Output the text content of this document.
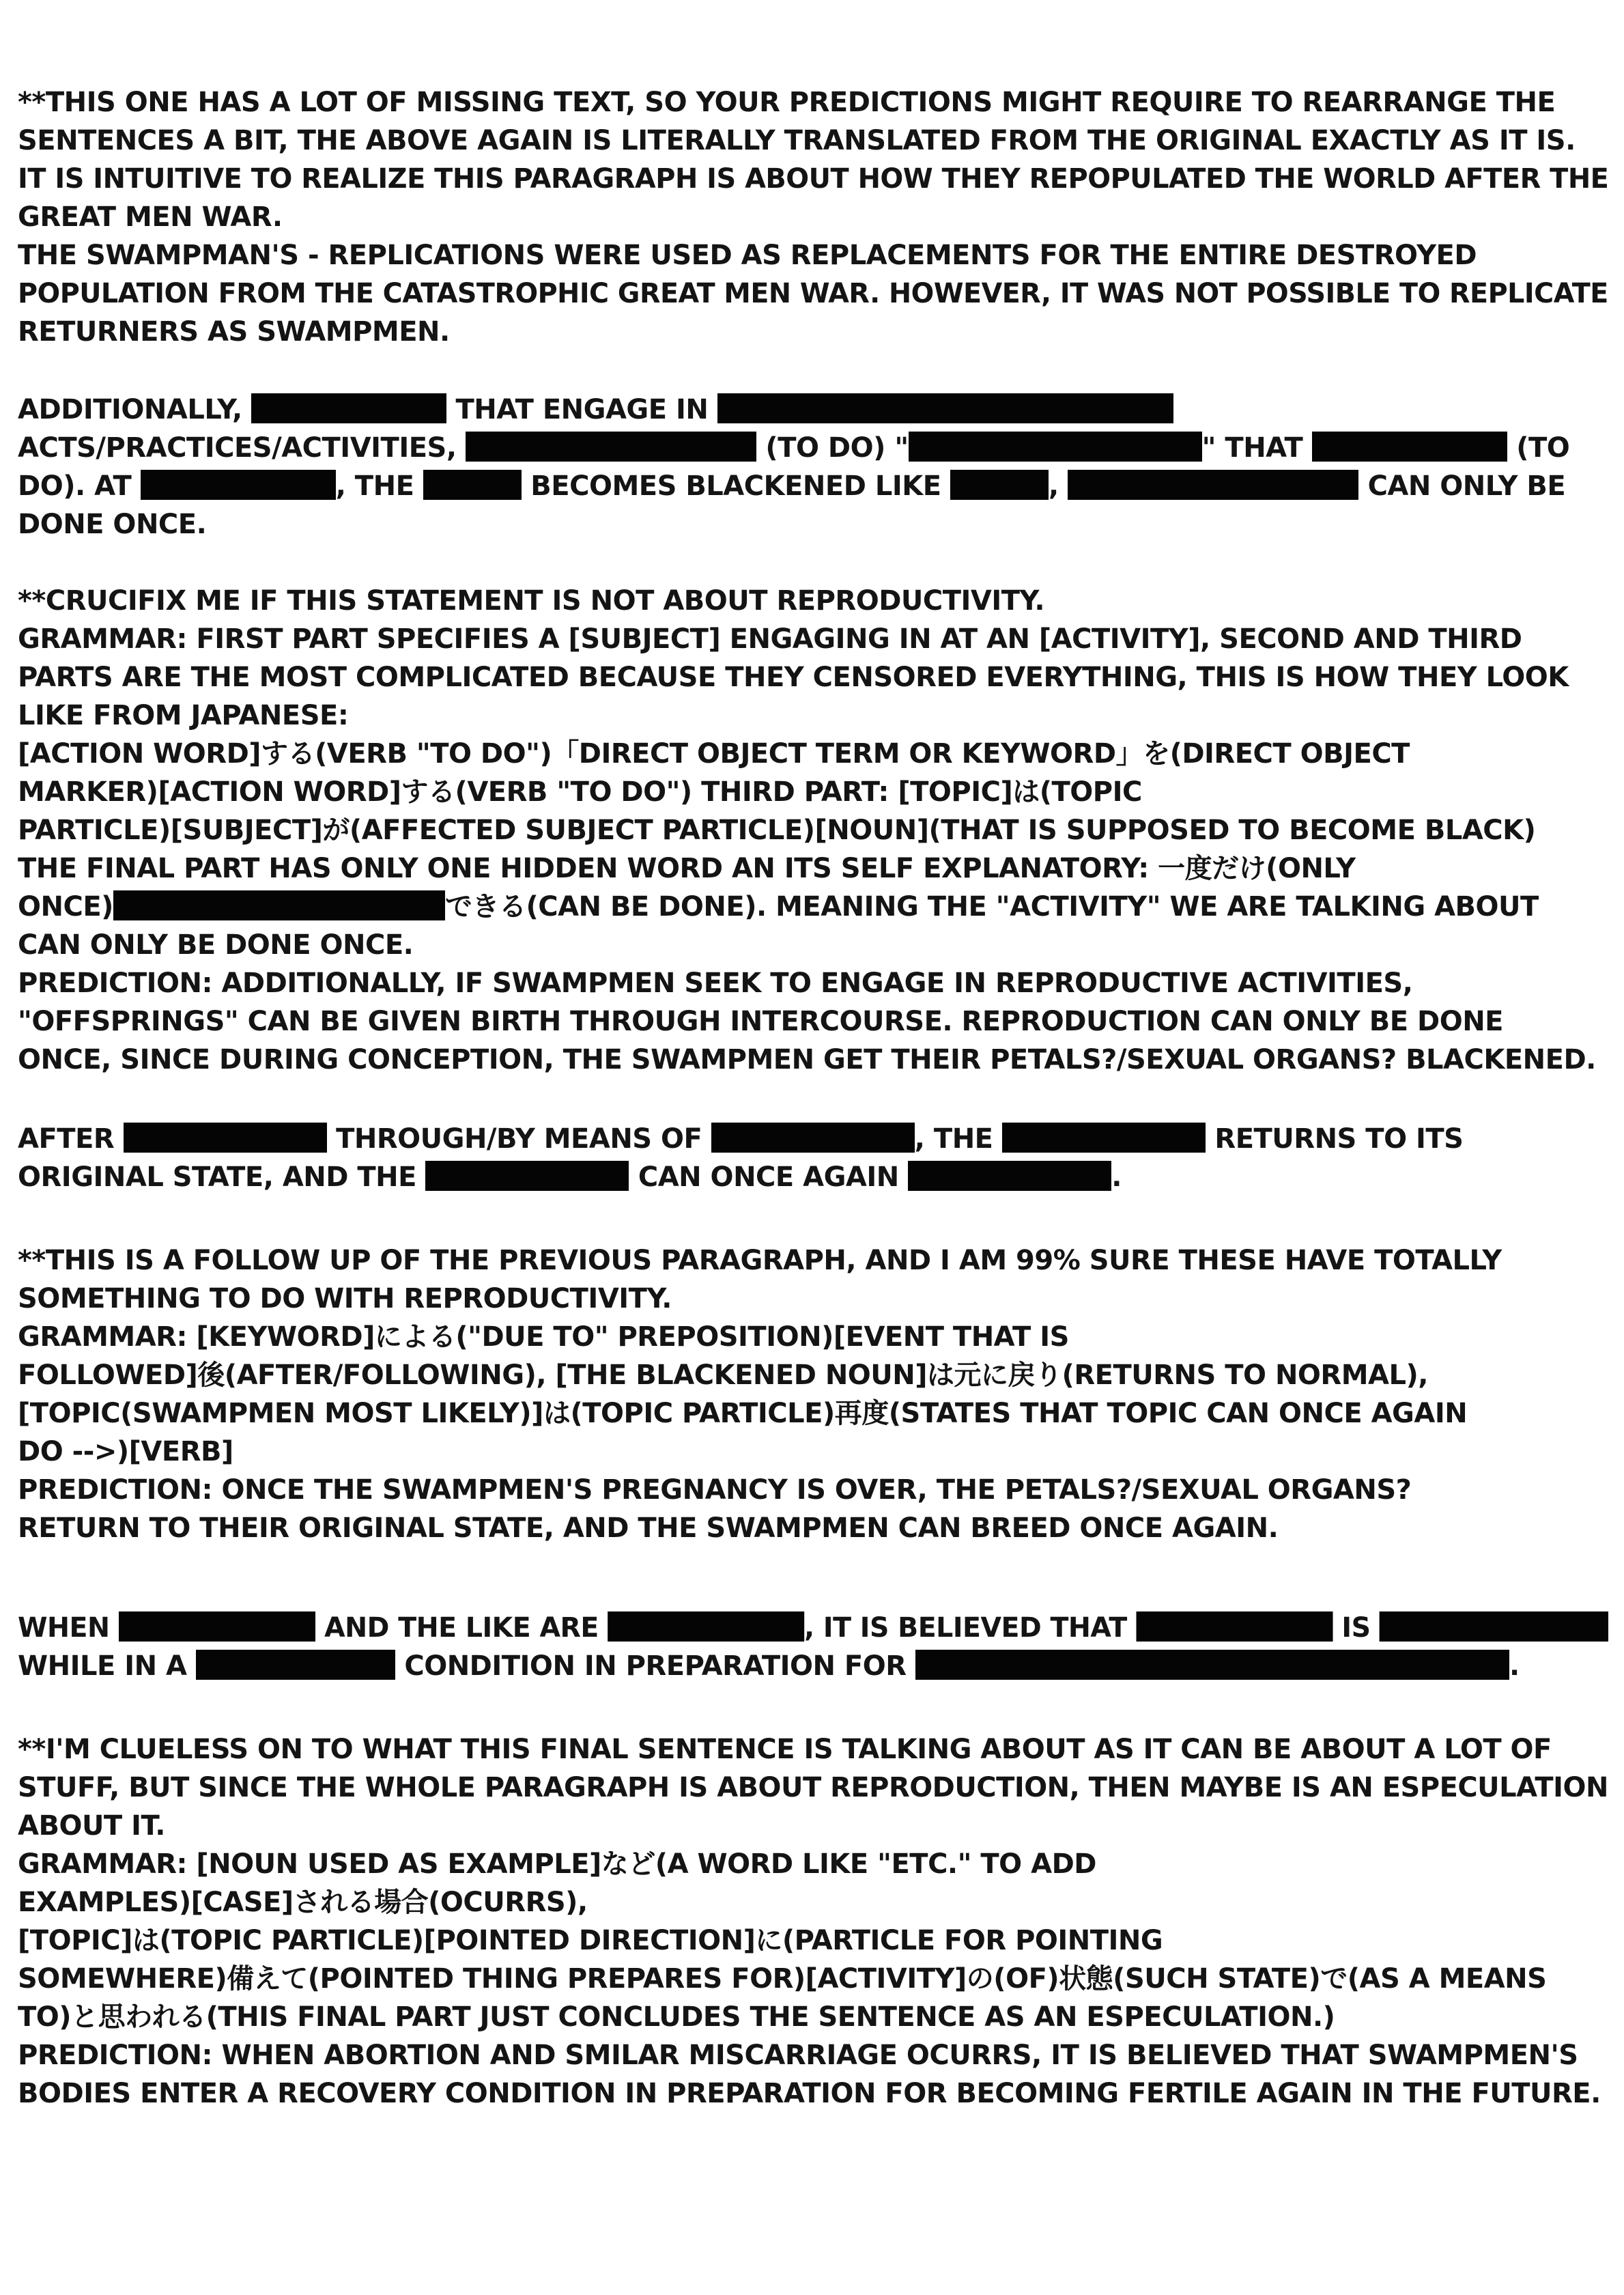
**THIS ONE HAS A LOT OF MISSING TEXT, SO YOUR PREDICTIONS MIGHT REQUIRE TO REARRANGE THE
SENTENCES A BIT, THE ABOVE AGAIN IS LITERALLY TRANSLATED FROM THE ORIGINAL EXACTLY AS IT IS.
IT IS INTUITIVE TO REALIZE THIS PARAGRAPH IS ABOUT HOW THEY REPOPULATED THE WORLD AFTER THE
GREAT MEN WAR.
THE SWAMPMAN'S - REPLICATIONS WERE USED AS REPLACEMENTS FOR THE ENTIRE DESTROYED
POPULATION FROM THE CATASTROPHIC GREAT MEN WAR. HOWEVER, IT WAS NOT POSSIBLE TO REPLICATE
RETURNERS AS SWAMPMEN.
ADDITIONALLY,	THAT ENGAGE IN
ACTS/PRACTICES/ACTIVITIES,	(TO DO) "	" THAT	(TO
DO). AT	, THE	BECOMES BLACKENED LIKE	,	CAN ONLY BE
DONE ONCE.
**CRUCIFIX ME IF THIS STATEMENT IS NOT ABOUT REPRODUCTIVITY.
GRAMMAR: FIRST PART SPECIFIES A [SUBJECT] ENGAGING IN AT AN [ACTIVITY], SECOND AND THIRD
PARTS ARE THE MOST COMPLICATED BECAUSE THEY CENSORED EVERYTHING, THIS IS HOW THEY LOOK
LIKE FROM JAPANESE:
[ACTION WORD]する(VERB "TO DO")「DIRECT OBJECT TERM OR KEYWORD」を(DIRECT OBJECT
MARKER)[ACTION WORD]する(VERB "TO DO") THIRD PART: [TOPIC]は(TOPIC
PARTICLE)[SUBJECT]が(AFFECTED SUBJECT PARTICLE)[NOUN](THAT IS SUPPOSED TO BECOME BLACK)
THE FINAL PART HAS ONLY ONE HIDDEN WORD AN ITS SELF EXPLANATORY: 一度だけ(ONLY
ONCE)	できる(CAN BE DONE). MEANING THE "ACTIVITY" WE ARE TALKING ABOUT
CAN ONLY BE DONE ONCE.
PREDICTION: ADDITIONALLY, IF SWAMPMEN SEEK TO ENGAGE IN REPRODUCTIVE ACTIVITIES,
"OFFSPRINGS" CAN BE GIVEN BIRTH THROUGH INTERCOURSE. REPRODUCTION CAN ONLY BE DONE
ONCE, SINCE DURING CONCEPTION, THE SWAMPMEN GET THEIR PETALS?/SEXUAL ORGANS? BLACKENED.
AFTER	THROUGH/BY MEANS OF	, THE	RETURNS TO ITS
ORIGINAL STATE, AND THE	CAN ONCE AGAIN	.
**THIS IS A FOLLOW UP OF THE PREVIOUS PARAGRAPH, AND I AM 99% SURE THESE HAVE TOTALLY
SOMETHING TO DO WITH REPRODUCTIVITY.
GRAMMAR: [KEYWORD]による("DUE TO" PREPOSITION)[EVENT THAT IS
FOLLOWED]後(AFTER/FOLLOWING), [THE BLACKENED NOUN]は元に戻り(RETURNS TO NORMAL),
[TOPIC(SWAMPMEN MOST LIKELY)]は(TOPIC PARTICLE)再度(STATES THAT TOPIC CAN ONCE AGAIN
DO -->)[VERB]
PREDICTION: ONCE THE SWAMPMEN'S PREGNANCY IS OVER, THE PETALS?/SEXUAL ORGANS?
RETURN TO THEIR ORIGINAL STATE, AND THE SWAMPMEN CAN BREED ONCE AGAIN.
WHEN	AND THE LIKE ARE	, IT IS BELIEVED THAT	IS
WHILE IN A	CONDITION IN PREPARATION FOR	.
**I'M CLUELESS ON TO WHAT THIS FINAL SENTENCE IS TALKING ABOUT AS IT CAN BE ABOUT A LOT OF
STUFF, BUT SINCE THE WHOLE PARAGRAPH IS ABOUT REPRODUCTION, THEN MAYBE IS AN ESPECULATION
ABOUT IT.
GRAMMAR: [NOUN USED AS EXAMPLE]など(A WORD LIKE "ETC." TO ADD
EXAMPLES)[CASE]される場合(OCURRS),
[TOPIC]は(TOPIC PARTICLE)[POINTED DIRECTION]に(PARTICLE FOR POINTING
SOMEWHERE)備えて(POINTED THING PREPARES FOR)[ACTIVITY]の(OF)状態(SUCH STATE)で(AS A MEANS
TO)と思われる(THIS FINAL PART JUST CONCLUDES THE SENTENCE AS AN ESPECULATION.)
PREDICTION: WHEN ABORTION AND SMILAR MISCARRIAGE OCURRS, IT IS BELIEVED THAT SWAMPMEN'S
BODIES ENTER A RECOVERY CONDITION IN PREPARATION FOR BECOMING FERTILE AGAIN IN THE FUTURE.
